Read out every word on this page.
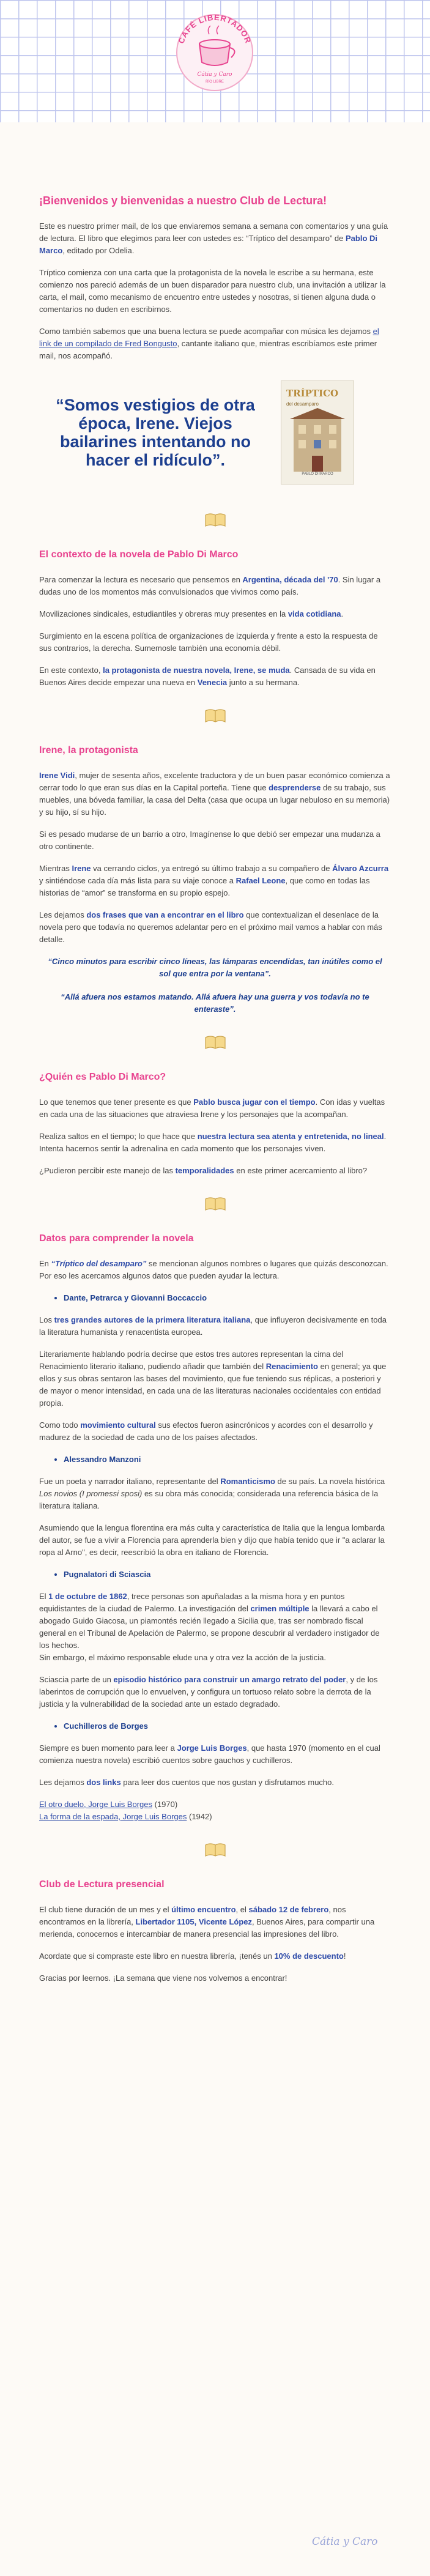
CAFÉ LIBERTADOR
Cátia y Caro
RÍO LIBRE
¡Bienvenidos y bienvenidas a nuestro Club de Lectura!

Este es nuestro primer mail, de los que enviaremos semana a semana con comentarios y una guía de lectura. El libro que elegimos para leer con ustedes es: “Tríptico del desamparo” de Pablo Di Marco, editado por Odelia.

Tríptico comienza con una carta que la protagonista de la novela le escribe a su hermana, este comienzo nos pareció además de un buen disparador para nuestro club, una invitación a utilizar la carta, el mail, como mecanismo de encuentro entre ustedes y nosotras, si tienen alguna duda o comentarios no duden en escribirnos.

Como también sabemos que una buena lectura se puede acompañar con música les dejamos el link de un compilado de Fred Bongusto, cantante italiano que, mientras escribíamos este primer mail, nos acompañó.

“Somos vestigios de otra época, Irene. Viejos bailarines intentando no hacer el ridículo”.
TRÍPTICO
del desamparo
PABLO DI MARCO
El contexto de la novela de Pablo Di Marco

Para comenzar la lectura es necesario que pensemos en Argentina, década del '70. Sin lugar a dudas uno de los momentos más convulsionados que vivimos como país.

Movilizaciones sindicales, estudiantiles y obreras muy presentes en la vida cotidiana.

Surgimiento en la escena política de organizaciones de izquierda y frente a esto la respuesta de sus contrarios, la derecha. Sumemosle también una economía débil.

En este contexto, la protagonista de nuestra novela, Irene, se muda. Cansada de su vida en Buenos Aires decide empezar una nueva en Venecia junto a su hermana.

Irene, la protagonista

Irene Vidi, mujer de sesenta años, excelente traductora y de un buen pasar económico comienza a cerrar todo lo que eran sus días en la Capital porteña. Tiene que desprenderse de su trabajo, sus muebles, una bóveda familiar, la casa del Delta (casa que ocupa un lugar nebuloso en su memoria) y su hijo, sí su hijo.

Si es pesado mudarse de un barrio a otro, Imagínense lo que debió ser empezar una mudanza a otro continente.

Mientras Irene va cerrando ciclos, ya entregó su último trabajo a su compañero de Álvaro Azcurra y sintiéndose cada día más lista para su viaje conoce a Rafael Leone, que como en todas las historias de “amor” se transforma en su propio espejo.

Les dejamos dos frases que van a encontrar en el libro que contextualizan el desenlace de la novela pero que todavía no queremos adelantar pero en el próximo mail vamos a hablar con más detalle.

“Cinco minutos para escribir cinco líneas, las lámparas encendidas, tan inútiles como el sol que entra por la ventana”.

“Allá afuera nos estamos matando. Allá afuera hay una guerra y vos todavía no te enteraste”.

¿Quién es Pablo Di Marco?

Lo que tenemos que tener presente es que Pablo busca jugar con el tiempo. Con idas y vueltas en cada una de las situaciones que atraviesa Irene y los personajes que la acompañan.

Realiza saltos en el tiempo; lo que hace que nuestra lectura sea atenta y entretenida, no lineal. Intenta hacernos sentir la adrenalina en cada momento que los personajes viven.

¿Pudieron percibir este manejo de las temporalidades en este primer acercamiento al libro?

Datos para comprender la novela

En “Tríptico del desamparo” se mencionan algunos nombres o lugares que quizás desconozcan. Por eso les acercamos algunos datos que pueden ayudar la lectura.

• Dante, Petrarca y Giovanni Boccaccio

Los tres grandes autores de la primera literatura italiana, que influyeron decisivamente en toda la literatura humanista y renacentista europea.

Literariamente hablando podría decirse que estos tres autores representan la cima del Renacimiento literario italiano, pudiendo añadir que también del Renacimiento en general; ya que ellos y sus obras sentaron las bases del movimiento, que fue teniendo sus réplicas, a posteriori y de mayor o menor intensidad, en cada una de las literaturas nacionales occidentales con entidad propia.

Como todo movimiento cultural sus efectos fueron asincrónicos y acordes con el desarrollo y madurez de la sociedad de cada uno de los países afectados.

• Alessandro Manzoni

Fue un poeta y narrador italiano, representante del Romanticismo de su país. La novela histórica Los novios (I promessi sposi) es su obra más conocida; considerada una referencia básica de la literatura italiana.

Asumiendo que la lengua florentina era más culta y característica de Italia que la lengua lombarda del autor, se fue a vivir a Florencia para aprenderla bien y dijo que había tenido que ir "a aclarar la ropa al Arno", es decir, reescribió la obra en italiano de Florencia.

• Pugnalatori di Sciascia

El 1 de octubre de 1862, trece personas son apuñaladas a la misma hora y en puntos equidistantes de la ciudad de Palermo. La investigación del crimen múltiple la llevará a cabo el abogado Guido Giacosa, un piamontés recién llegado a Sicilia que, tras ser nombrado fiscal general en el Tribunal de Apelación de Palermo, se propone descubrir al verdadero instigador de los hechos.
Sin embargo, el máximo responsable elude una y otra vez la acción de la justicia.

Sciascia parte de un episodio histórico para construir un amargo retrato del poder, y de los laberintos de corrupción que lo envuelven, y configura un tortuoso relato sobre la derrota de la justicia y la vulnerabilidad de la sociedad ante un estado degradado.

• Cuchilleros de Borges

Siempre es buen momento para leer a Jorge Luis Borges, que hasta 1970 (momento en el cual comienza nuestra novela) escribió cuentos sobre gauchos y cuchilleros.

Les dejamos dos links para leer dos cuentos que nos gustan y disfrutamos mucho.

El otro duelo, Jorge Luis Borges (1970)
La forma de la espada, Jorge Luis Borges (1942)

Club de Lectura presencial

El club tiene duración de un mes y el último encuentro, el sábado 12 de febrero, nos encontramos en la librería, Libertador 1105, Vicente López, Buenos Aires, para compartir una merienda, conocernos e intercambiar de manera presencial las impresiones del libro.

Acordate que si compraste este libro en nuestra librería, ¡tenés un 10% de descuento!

Gracias por leernos. ¡La semana que viene nos volvemos a encontrar!

Cátia y Caro
